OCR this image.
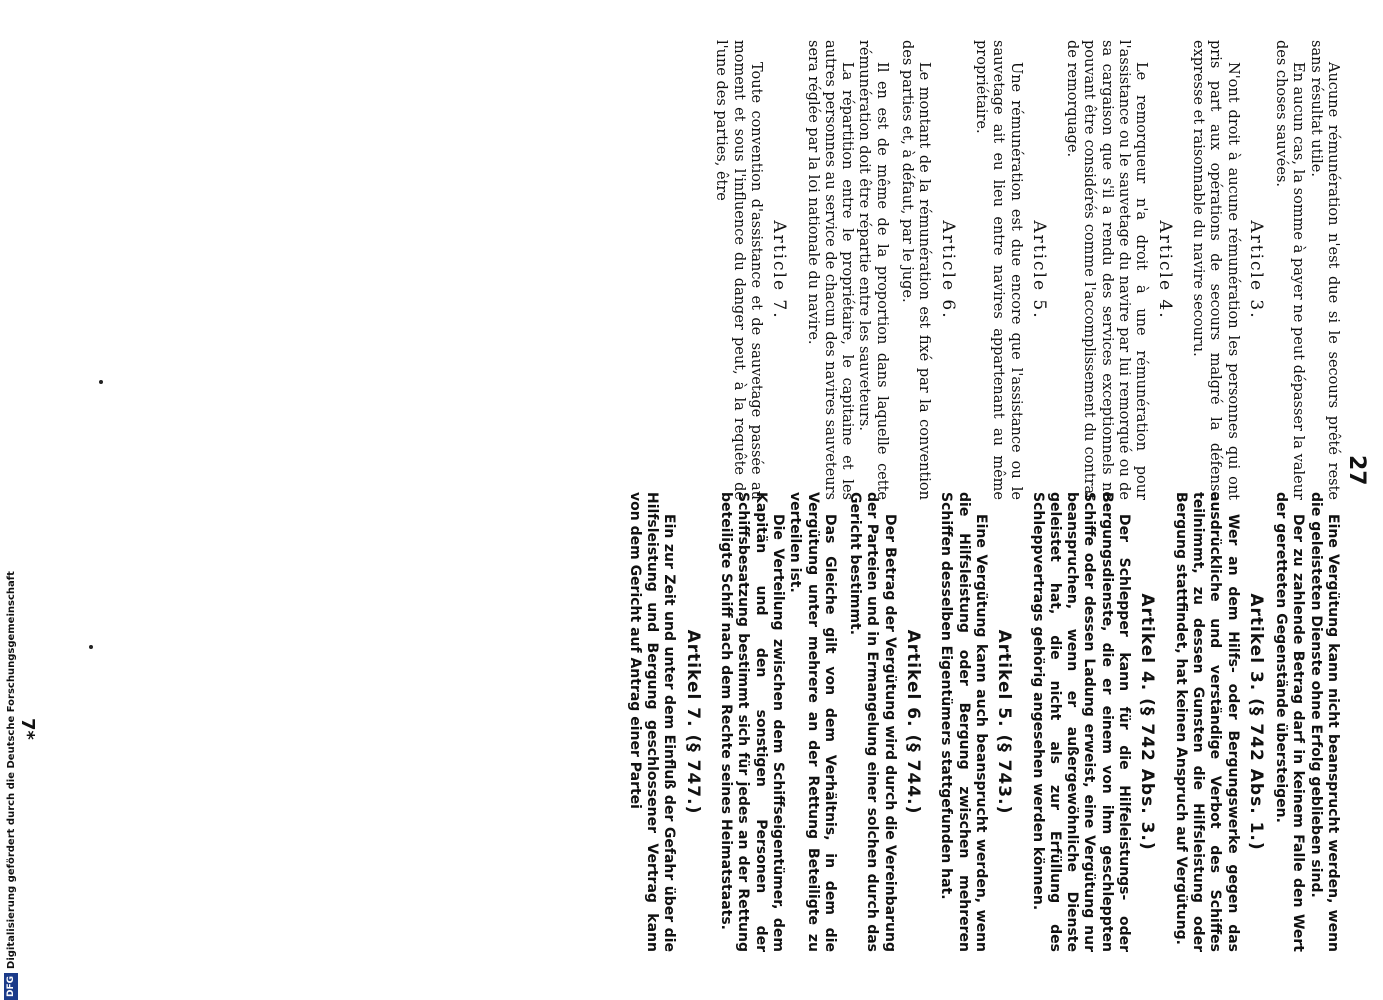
27

Aucune rémunération n'est due si le secours prêté reste sans résultat utile.

En aucun cas, la somme à payer ne peut dépasser la valeur des choses sauvées.

Article 3.

N'ont droit à aucune rémunération les personnes qui ont pris part aux opérations de secours malgré la défense expresse et raisonnable du navire secouru.

Article 4.

Le remorqueur n'a droit à une rémunération pour l'assistance ou le sauvetage du navire par lui remorqué ou de sa cargaison que s'il a rendu des services exceptionnels ne pouvant être considérés comme l'accomplissement du contrat de remorquage.

Article 5.

Une rémunération est due encore que l'assistance ou le sauvetage ait eu lieu entre navires appartenant au même propriétaire.

Article 6.

Le montant de la rémunération est fixé par la convention des parties et, à défaut, par le juge.

Il en est de même de la proportion dans laquelle cette rémunération doit être répartie entre les sauveteurs.

La répartition entre le propriétaire, le capitaine et les autres personnes au service de chacun des navires sauveteurs sera réglée par la loi nationale du navire.

Article 7.

Toute convention d'assistance et de sauvetage passée au moment et sous l'influence du danger peut, à la requête de l'une des parties, être

Eine Vergütung kann nicht beansprucht werden, wenn die geleisteten Dienste ohne Erfolg geblieben sind.

Der zu zahlende Betrag darf in keinem Falle den Wert der geretteten Gegenstände übersteigen.

Artikel 3. (§ 742 Abs. 1.)

Wer an dem Hilfs- oder Bergungswerke gegen das ausdrückliche und verständige Verbot des Schiffes teilnimmt, zu dessen Gunsten die Hilfsleistung oder Bergung stattfindet, hat keinen Anspruch auf Vergütung.

Artikel 4. (§ 742 Abs. 3.)

Der Schlepper kann für die Hilfeleistungs- oder Bergungsdienste, die er einem von ihm geschleppten Schiffe oder dessen Ladung erweist, eine Vergütung nur beanspruchen, wenn er außergewöhnliche Dienste geleistet hat, die nicht als zur Erfüllung des Schleppvertrags gehörig angesehen werden können.

Artikel 5. (§ 743.)

Eine Vergütung kann auch beansprucht werden, wenn die Hilfsleistung oder Bergung zwischen mehreren Schiffen desselben Eigentümers stattgefunden hat.

Artikel 6. (§ 744.)

Der Betrag der Vergütung wird durch die Vereinbarung der Parteien und in Ermangelung einer solchen durch das Gericht bestimmt.

Das Gleiche gilt von dem Verhältnis, in dem die Vergütung unter mehrere an der Rettung Beteiligte zu verteilen ist.

Die Verteilung zwischen dem Schiffseigentümer, dem Kapitän und den sonstigen Personen der Schiffsbesatzung bestimmt sich für jedes an der Rettung beteiligte Schiff nach dem Rechte seines Heimatstaats.

Artikel 7. (§ 747.)

Ein zur Zeit und unter dem Einfluß der Gefahr über die Hilfsleistung und Bergung geschlossener Vertrag kann von dem Gericht auf Antrag einer Partei

7*
DFG
Digitalisierung gefördert durch die Deutsche Forschungsgemeinschaft
